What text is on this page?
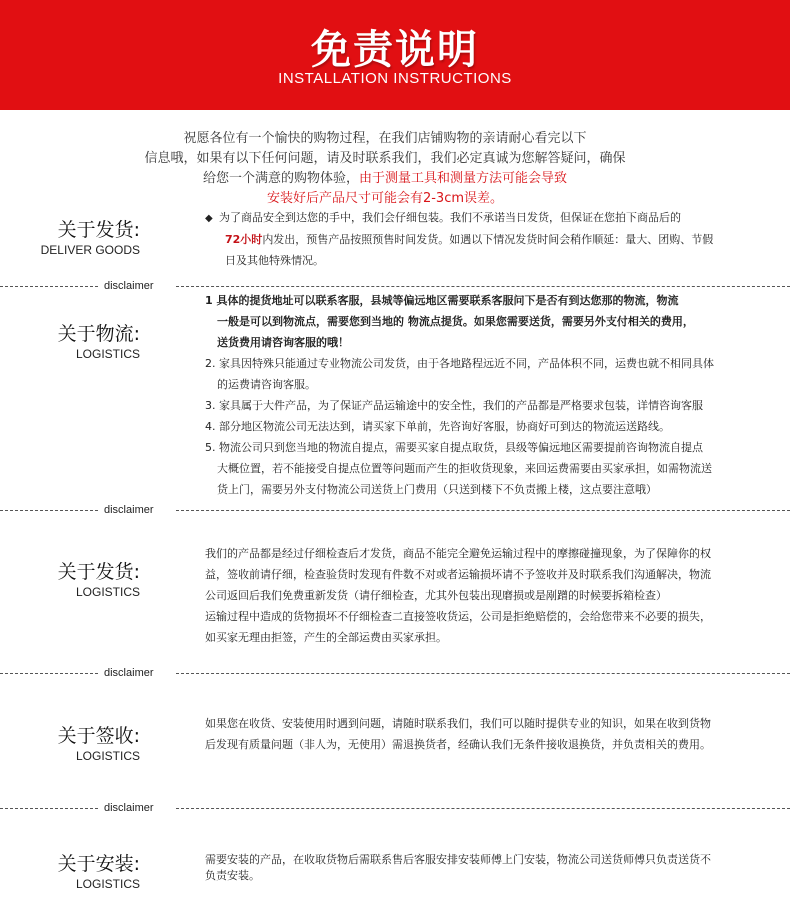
免责说明
INSTALLATION INSTRUCTIONS
祝愿各位有一个愉快的购物过程，在我们店铺购物的亲请耐心看完以下
信息哦，如果有以下任何问题，请及时联系我们，我们必定真诚为您解答疑问，确保
给您一个满意的购物体验，由于测量工具和测量方法可能会导致
安装好后产品尺寸可能会有2-3cm误差。
关于发货:
DELIVER GOODS

◆ 为了商品安全到达您的手中，我们会仔细包装。我们不承诺当日发货，但保证在您拍下商品后的

72小时内发出，预售产品按照预售时间发货。如遇以下情况发货时间会稍作顺延：量大、团购、节假

日及其他特殊情况。

disclaimer
关于物流:
LOGISTICS

1 具体的提货地址可以联系客服，县城等偏远地区需要联系客服问下是否有到达您那的物流，物流

一般是可以到物流点，需要您到当地的 物流点提货。如果您需要送货，需要另外支付相关的费用，

送货费用请咨询客服的哦！

2. 家具因特殊只能通过专业物流公司发货，由于各地路程远近不同，产品体积不同，运费也就不相同具体

的运费请咨询客服。

3. 家具属于大件产品，为了保证产品运输途中的安全性，我们的产品都是严格要求包装，详情咨询客服

4. 部分地区物流公司无法达到，请买家下单前，先咨询好客服，协商好可到达的物流运送路线。

5. 物流公司只到您当地的物流自提点，需要买家自提点取货，县级等偏远地区需要提前咨询物流自提点

大概位置，若不能接受自提点位置等问题而产生的拒收货现象，来回运费需要由买家承担，如需物流送

货上门，需要另外支付物流公司送货上门费用（只送到楼下不负责搬上楼，这点要注意哦）

disclaimer
关于发货:
LOGISTICS

我们的产品都是经过仔细检查后才发货，商品不能完全避免运输过程中的摩擦碰撞现象，为了保障你的权

益，签收前请仔细，检查验货时发现有件数不对或者运输损坏请不予签收并及时联系我们沟通解决，物流

公司返回后我们免费重新发货（请仔细检查，尤其外包装出现磨损或是剐蹭的时候要拆箱检查）

运输过程中造成的货物损坏不仔细检查二直接签收货运，公司是拒绝赔偿的，会给您带来不必要的损失，

如买家无理由拒签，产生的全部运费由买家承担。

disclaimer
关于签收:
LOGISTICS

如果您在收货、安装使用时遇到问题，请随时联系我们，我们可以随时提供专业的知识，如果在收到货物

后发现有质量问题（非人为，无使用）需退换货者，经确认我们无条件接收退换货，并负责相关的费用。

disclaimer
关于安装:
LOGISTICS

需要安装的产品，在收取货物后需联系售后客服安排安装师傅上门安装，物流公司送货师傅只负责送货不

负责安装。
